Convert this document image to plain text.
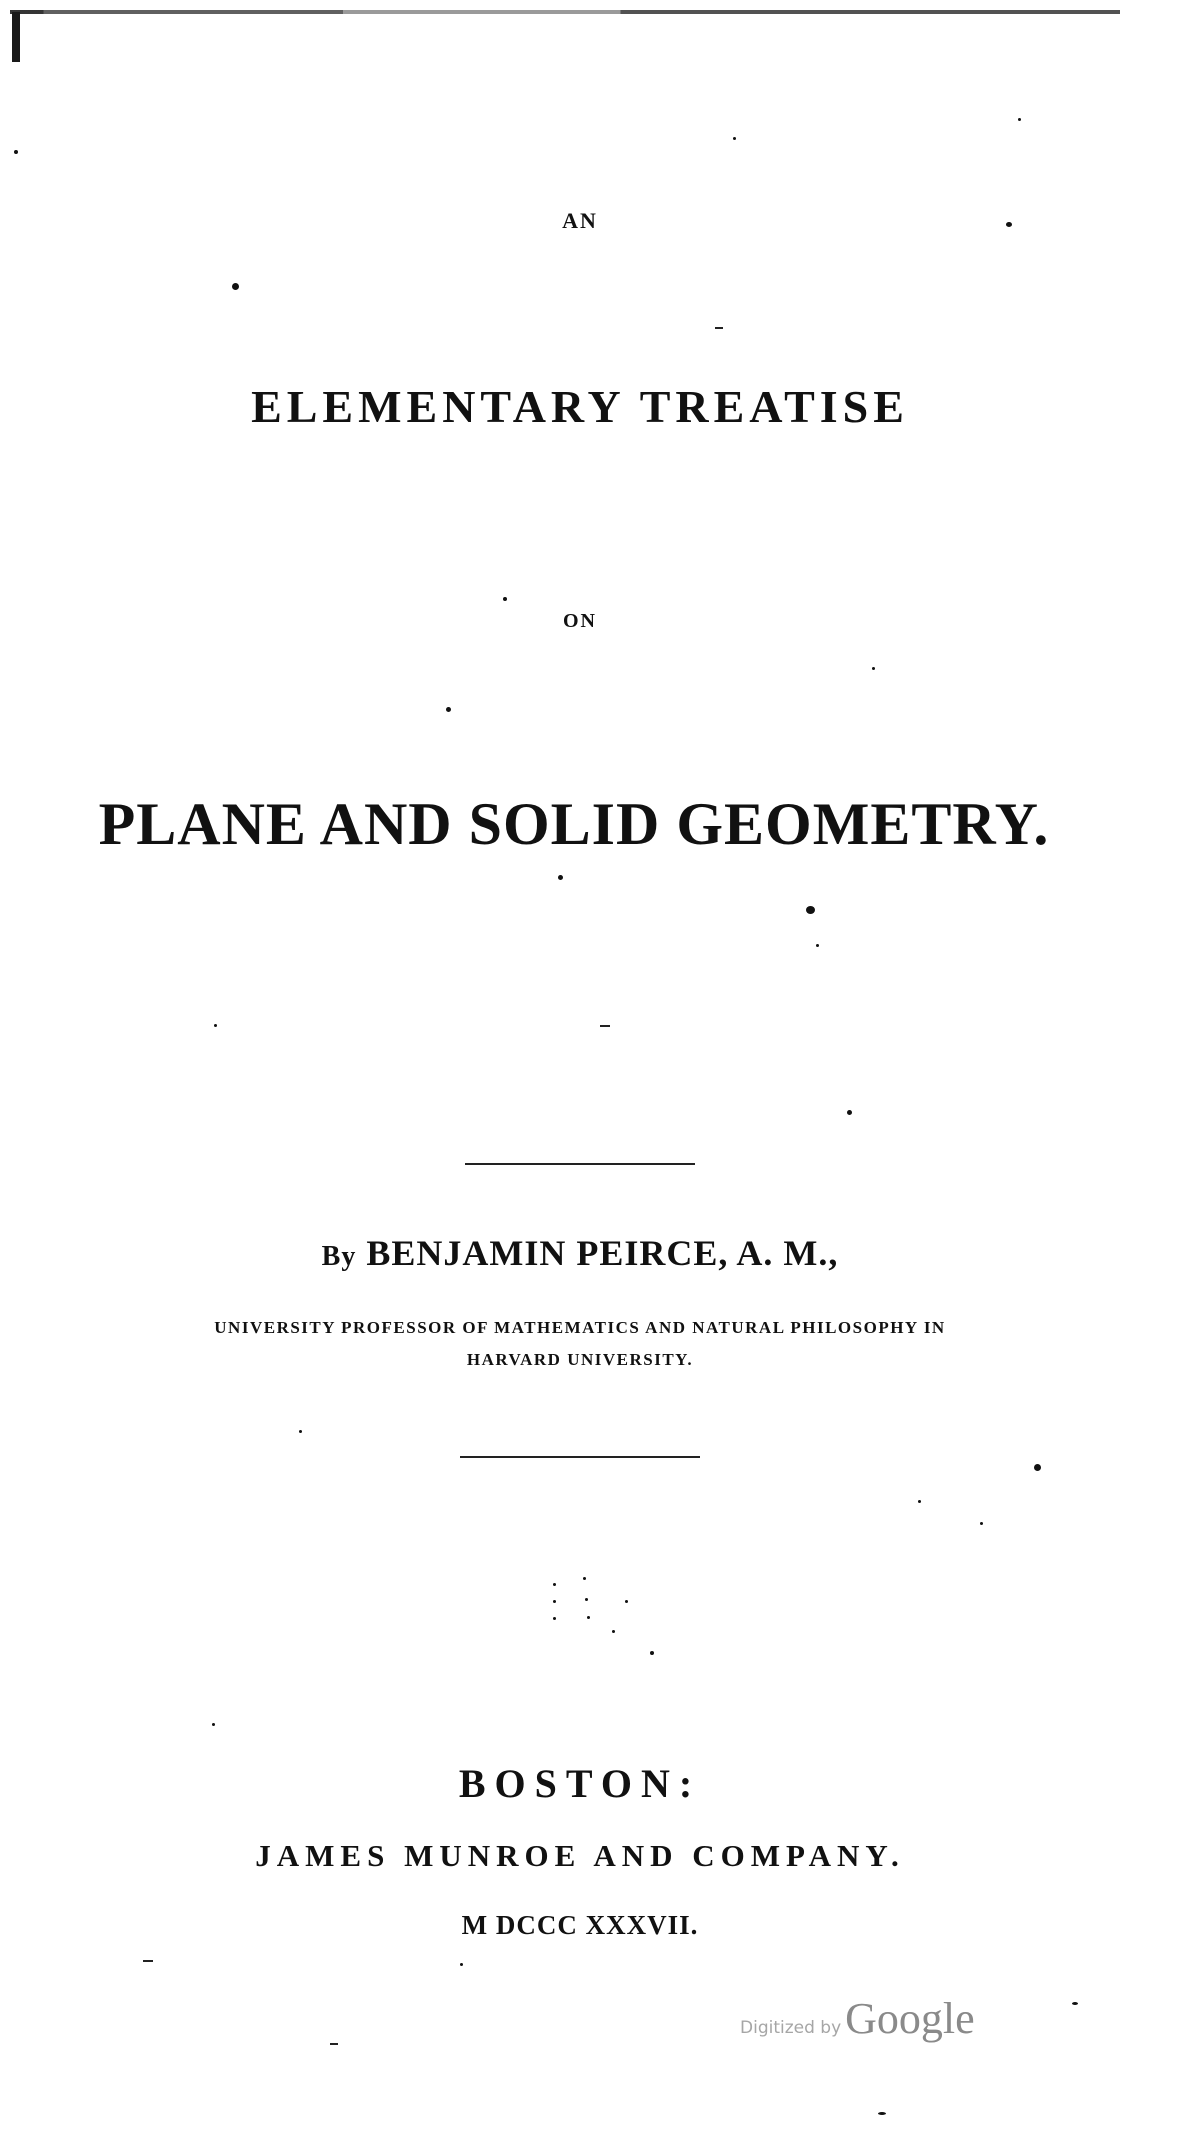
AN
ELEMENTARY TREATISE
ON
PLANE AND SOLID GEOMETRY.
By BENJAMIN PEIRCE, A. M.,
UNIVERSITY PROFESSOR OF MATHEMATICS AND NATURAL PHILOSOPHY IN
HARVARD UNIVERSITY.
BOSTON:
JAMES MUNROE AND COMPANY.
M DCCC XXXVII.
Digitized by Google
